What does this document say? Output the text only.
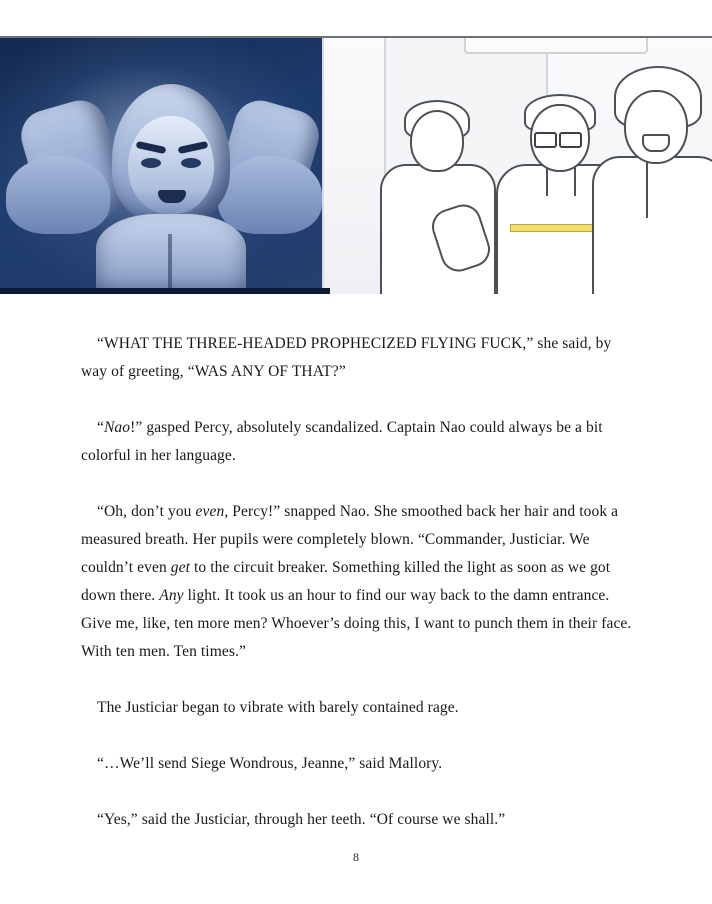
“WHAT THE THREE-HEADED PROPHECIZED FLYING FUCK,” she said, by way of greeting, “WAS ANY OF THAT?”

“Nao!” gasped Percy, absolutely scandalized. Captain Nao could always be a bit colorful in her language.

“Oh, don’t you even, Percy!” snapped Nao. She smoothed back her hair and took a measured breath. Her pupils were completely blown. “Commander, Justiciar. We couldn’t even get to the circuit breaker. Something killed the light as soon as we got down there. Any light. It took us an hour to find our way back to the damn entrance. Give me, like, ten more men? Whoever’s doing this, I want to punch them in their face. With ten men. Ten times.”

The Justiciar began to vibrate with barely contained rage.

“…We’ll send Siege Wondrous, Jeanne,” said Mallory.

“Yes,” said the Justiciar, through her teeth. “Of course we shall.”

8
